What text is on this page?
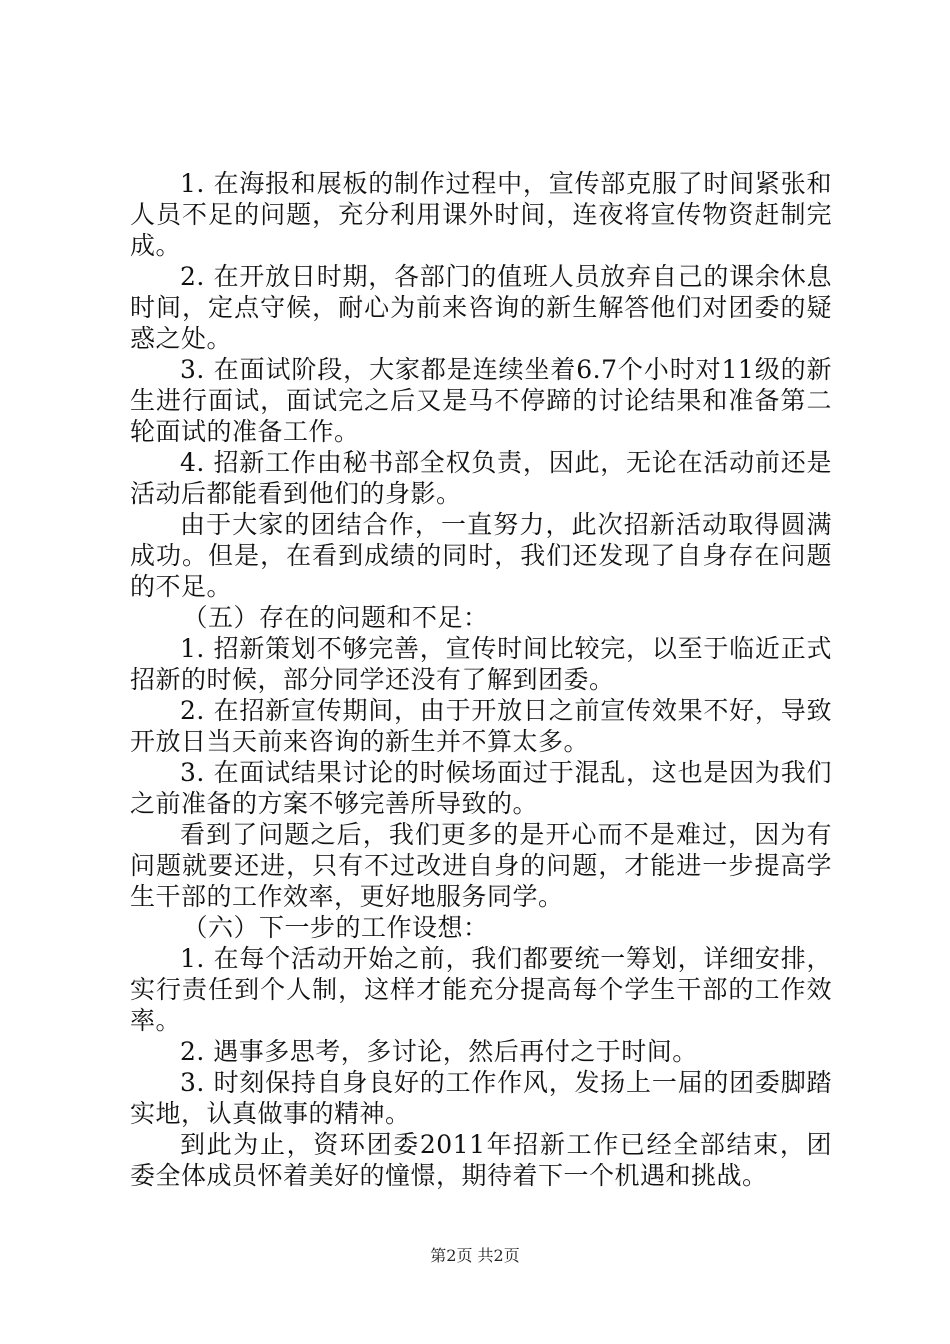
1. 在海报和展板的制作过程中，宣传部克服了时间紧张和人员不足的问题，充分利用课外时间，连夜将宣传物资赶制完成。

2. 在开放日时期，各部门的值班人员放弃自己的课余休息时间，定点守候，耐心为前来咨询的新生解答他们对团委的疑惑之处。

3. 在面试阶段，大家都是连续坐着6.7个小时对11级的新生进行面试，面试完之后又是马不停蹄的讨论结果和准备第二轮面试的准备工作。

4. 招新工作由秘书部全权负责，因此，无论在活动前还是活动后都能看到他们的身影。

由于大家的团结合作，一直努力，此次招新活动取得圆满成功。但是，在看到成绩的同时，我们还发现了自身存在问题的不足。

（五）存在的问题和不足：

1. 招新策划不够完善，宣传时间比较完，以至于临近正式招新的时候，部分同学还没有了解到团委。

2. 在招新宣传期间，由于开放日之前宣传效果不好，导致开放日当天前来咨询的新生并不算太多。

3. 在面试结果讨论的时候场面过于混乱，这也是因为我们之前准备的方案不够完善所导致的。

看到了问题之后，我们更多的是开心而不是难过，因为有问题就要还进，只有不过改进自身的问题，才能进一步提高学生干部的工作效率，更好地服务同学。

（六）下一步的工作设想：

1. 在每个活动开始之前，我们都要统一筹划，详细安排，实行责任到个人制，这样才能充分提高每个学生干部的工作效率。

2. 遇事多思考，多讨论，然后再付之于时间。

3. 时刻保持自身良好的工作作风，发扬上一届的团委脚踏实地，认真做事的精神。

到此为止，资环团委2011年招新工作已经全部结束，团委全体成员怀着美好的憧憬，期待着下一个机遇和挑战。

第2页 共2页
